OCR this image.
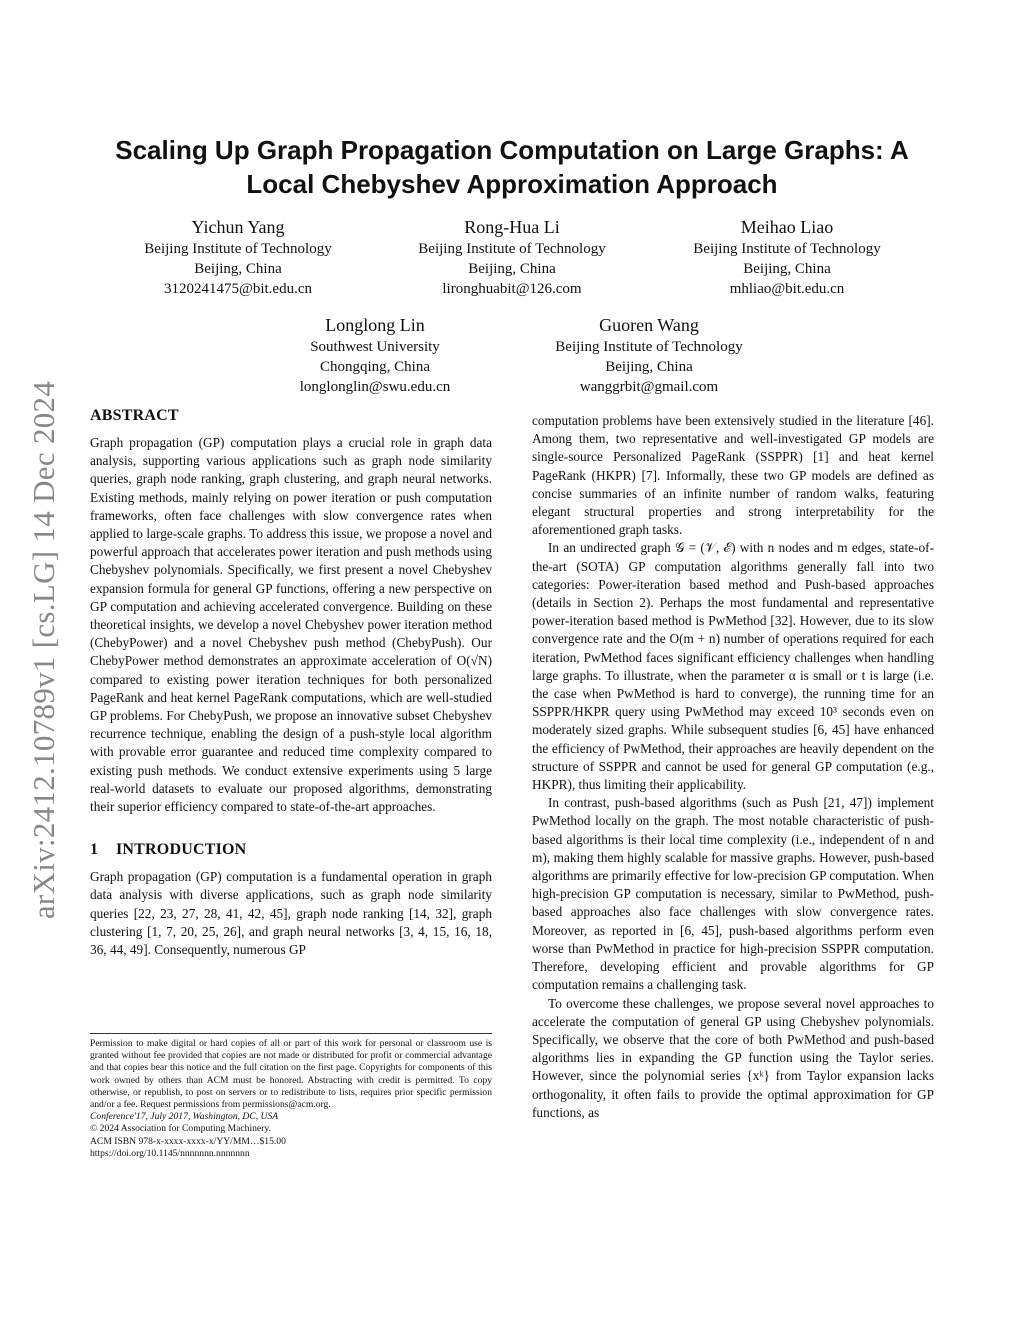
arXiv:2412.10789v1 [cs.LG] 14 Dec 2024
Scaling Up Graph Propagation Computation on Large Graphs: A Local Chebyshev Approximation Approach
Yichun Yang
Beijing Institute of Technology
Beijing, China
3120241475@bit.edu.cn
Rong-Hua Li
Beijing Institute of Technology
Beijing, China
lironghuabit@126.com
Meihao Liao
Beijing Institute of Technology
Beijing, China
mhliao@bit.edu.cn
Longlong Lin
Southwest University
Chongqing, China
longlonglin@swu.edu.cn
Guoren Wang
Beijing Institute of Technology
Beijing, China
wanggrbit@gmail.com
ABSTRACT

Graph propagation (GP) computation plays a crucial role in graph data analysis, supporting various applications such as graph node similarity queries, graph node ranking, graph clustering, and graph neural networks. Existing methods, mainly relying on power iteration or push computation frameworks, often face challenges with slow convergence rates when applied to large-scale graphs. To address this issue, we propose a novel and powerful approach that accelerates power iteration and push methods using Chebyshev polynomials. Specifically, we first present a novel Chebyshev expansion formula for general GP functions, offering a new perspective on GP computation and achieving accelerated convergence. Building on these theoretical insights, we develop a novel Chebyshev power iteration method (ChebyPower) and a novel Chebyshev push method (ChebyPush). Our ChebyPower method demonstrates an approximate acceleration of O(√N) compared to existing power iteration techniques for both personalized PageRank and heat kernel PageRank computations, which are well-studied GP problems. For ChebyPush, we propose an innovative subset Chebyshev recurrence technique, enabling the design of a push-style local algorithm with provable error guarantee and reduced time complexity compared to existing push methods. We conduct extensive experiments using 5 large real-world datasets to evaluate our proposed algorithms, demonstrating their superior efficiency compared to state-of-the-art approaches.

1 INTRODUCTION

Graph propagation (GP) computation is a fundamental operation in graph data analysis with diverse applications, such as graph node similarity queries [22, 23, 27, 28, 41, 42, 45], graph node ranking [14, 32], graph clustering [1, 7, 20, 25, 26], and graph neural networks [3, 4, 15, 16, 18, 36, 44, 49]. Consequently, numerous GP

Permission to make digital or hard copies of all or part of this work for personal or classroom use is granted without fee provided that copies are not made or distributed for profit or commercial advantage and that copies bear this notice and the full citation on the first page. Copyrights for components of this work owned by others than ACM must be honored. Abstracting with credit is permitted. To copy otherwise, or republish, to post on servers or to redistribute to lists, requires prior specific permission and/or a fee. Request permissions from permissions@acm.org.

Conference'17, July 2017, Washington, DC, USA

© 2024 Association for Computing Machinery.

ACM ISBN 978-x-xxxx-xxxx-x/YY/MM…$15.00

https://doi.org/10.1145/nnnnnnn.nnnnnnn

computation problems have been extensively studied in the literature [46]. Among them, two representative and well-investigated GP models are single-source Personalized PageRank (SSPPR) [1] and heat kernel PageRank (HKPR) [7]. Informally, these two GP models are defined as concise summaries of an infinite number of random walks, featuring elegant structural properties and strong interpretability for the aforementioned graph tasks.

In an undirected graph 𝒢 = (𝒱, ℰ) with n nodes and m edges, state-of-the-art (SOTA) GP computation algorithms generally fall into two categories: Power-iteration based method and Push-based approaches (details in Section 2). Perhaps the most fundamental and representative power-iteration based method is PwMethod [32]. However, due to its slow convergence rate and the O(m + n) number of operations required for each iteration, PwMethod faces significant efficiency challenges when handling large graphs. To illustrate, when the parameter α is small or t is large (i.e. the case when PwMethod is hard to converge), the running time for an SSPPR/HKPR query using PwMethod may exceed 10³ seconds even on moderately sized graphs. While subsequent studies [6, 45] have enhanced the efficiency of PwMethod, their approaches are heavily dependent on the structure of SSPPR and cannot be used for general GP computation (e.g., HKPR), thus limiting their applicability.

In contrast, push-based algorithms (such as Push [21, 47]) implement PwMethod locally on the graph. The most notable characteristic of push-based algorithms is their local time complexity (i.e., independent of n and m), making them highly scalable for massive graphs. However, push-based algorithms are primarily effective for low-precision GP computation. When high-precision GP computation is necessary, similar to PwMethod, push-based approaches also face challenges with slow convergence rates. Moreover, as reported in [6, 45], push-based algorithms perform even worse than PwMethod in practice for high-precision SSPPR computation. Therefore, developing efficient and provable algorithms for GP computation remains a challenging task.

To overcome these challenges, we propose several novel approaches to accelerate the computation of general GP using Chebyshev polynomials. Specifically, we observe that the core of both PwMethod and push-based algorithms lies in expanding the GP function using the Taylor series. However, since the polynomial series {xᵏ} from Taylor expansion lacks orthogonality, it often fails to provide the optimal approximation for GP functions, as
